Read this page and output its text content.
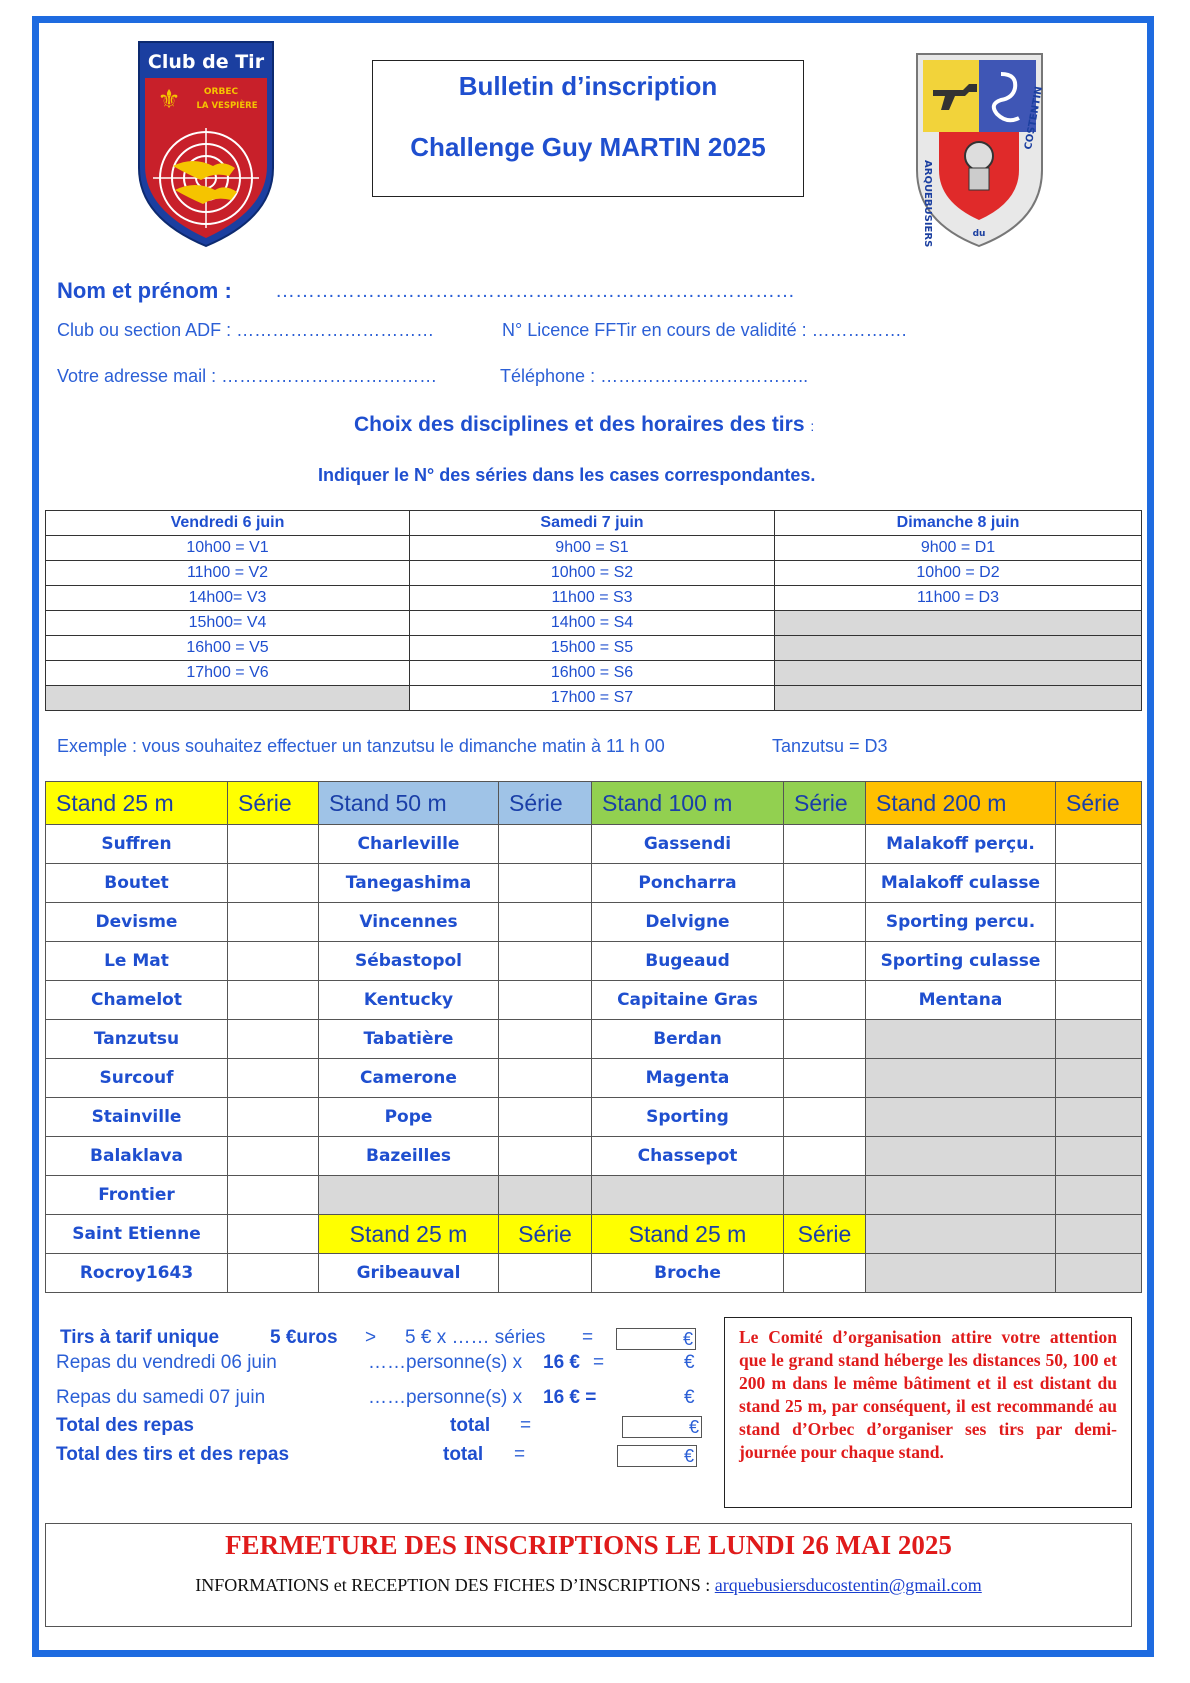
Club de Tir
ORBEC
LA VESPIÈRE
⚜	Bulletin d’inscription
Challenge Guy MARTIN 2025
ARQUEBUSIERS
COSTENTIN
du
Nom et prénom : ……………………………………………………………………
Club ou section ADF : ……………………………	N° Licence FFTir en cours de validité : …………….
Votre adresse mail : ………………………………	Téléphone : ……………………………..
Choix des disciplines et des horaires des tirs :
Indiquer le N° des séries dans les cases correspondantes.
Vendredi 6 juin	Samedi 7 juin	Dimanche 8 juin
10h00 = V1	9h00 = S1	9h00 = D1
11h00 = V2	10h00 = S2	10h00 = D2
14h00= V3	11h00 = S3	11h00 = D3
15h00= V4	14h00 = S4	
16h00 = V5	15h00 = S5	
17h00 = V6	16h00 = S6	
	17h00 = S7	
Exemple : vous souhaitez effectuer un tanzutsu le dimanche matin à 11 h 00	Tanzutsu = D3
Stand 25 m	Série	Stand 50 m	Série	Stand 100 m	Série	Stand 200 m	Série
Suffren		Charleville		Gassendi		Malakoff perçu.	
Boutet		Tanegashima		Poncharra		Malakoff culasse	
Devisme		Vincennes		Delvigne		Sporting percu.	
Le Mat		Sébastopol		Bugeaud		Sporting culasse	
Chamelot		Kentucky		Capitaine Gras		Mentana	
Tanzutsu		Tabatière		Berdan			
Surcouf		Camerone		Magenta			
Stainville		Pope		Sporting			
Balaklava		Bazeilles		Chassepot			
Frontier							
Saint Etienne		Stand 25 m	Série	Stand 25 m	Série		
Rocroy1643		Gribeauval		Broche			
Tirs à tarif unique	5 €uros > 5 € x …… séries =	€
Repas du vendredi 06 juin	……personne(s) x 16 € =	€
Repas du samedi 07 juin	……personne(s) x 16 € =	€
Total des repas	total =	€
Total des tirs et des repas	total =	€
Le Comité d’organisation attire votre attention que le grand stand héberge les distances 50, 100 et 200 m dans le même bâtiment et il est distant du stand 25 m, par conséquent, il est recommandé au stand d’Orbec d’organiser ses tirs par demi-journée pour chaque stand.
FERMETURE DES INSCRIPTIONS LE LUNDI 26 MAI 2025
INFORMATIONS et RECEPTION DES FICHES D’INSCRIPTIONS : arquebusiersducostentin@gmail.com
